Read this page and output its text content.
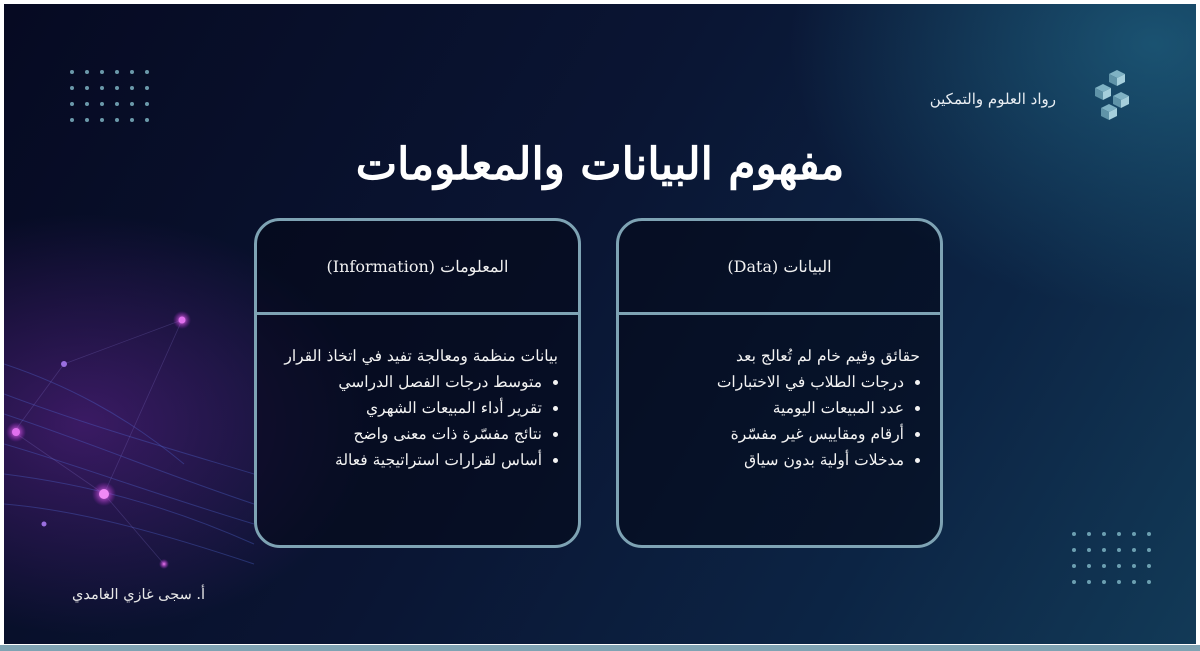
رواد العلوم والتمكين
مفهوم البيانات والمعلومات
البيانات (Data)
حقائق وقيم خام لم تُعالج بعد
• درجات الطلاب في الاختبارات
• عدد المبيعات اليومية
• أرقام ومقاييس غير مفسّرة
• مدخلات أولية بدون سياق
المعلومات (Information)
بيانات منظمة ومعالجة تفيد في اتخاذ القرار
• متوسط درجات الفصل الدراسي
• تقرير أداء المبيعات الشهري
• نتائج مفسّرة ذات معنى واضح
• أساس لقرارات استراتيجية فعالة
أ. سجى غازي الغامدي
